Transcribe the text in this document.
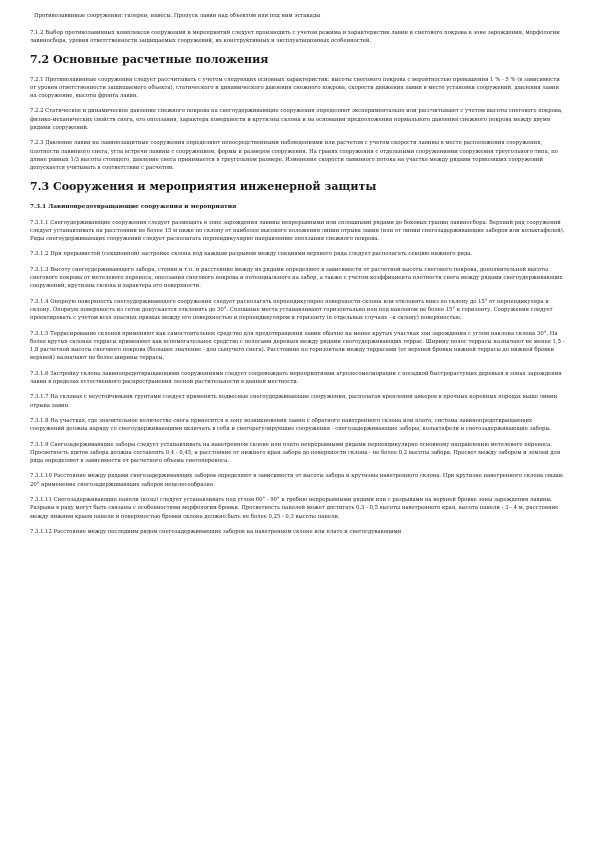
Противолавинные сооружения: галереи, навесы. Пропуск лавин над объектом или под ним эстакады
7.1.2 Выбор противолавинных комплексов сооружений и мероприятий следует производить с учетом режима и характеристик лавин и снегового покрова в зоне зарождения, морфологии лавиносбора, уровня ответственности защищаемых сооружений, их конструктивных и эксплуатационных особенностей.
7.2 Основные расчетные положения
7.2.1 Противолавинные сооружения следует рассчитывать с учетом следующих основных характеристик: высоты снегового покрова с вероятностью превышения 1 % - 5 % (в зависимости от уровня ответственности защищаемого объекта), статического и динамического давления снежного покрова, скорости движения лавин в месте установки сооружений, давления лавин на сооружение, высоты фронта лавин.
7.2.2 Статическое и динамическое давление снежного покрова на снегоудерживающие сооружения определяют экспериментально или рассчитывают с учетом высоты снегового покрова, физико-механических свойств снега, его оползания, характера поверхности и крутизны склона и на основании предположения нормального давления снежного покрова между двумя рядами сооружений.
7.2.3 Давление лавин на лавинозащитные сооружения определяют непосредственными наблюдениями или расчетом с учетом скорости лавины в месте расположения сооружения, плотности лавинного снега, угла встречи лавины с сооружением, формы и размеров сооружения. На гранях сооружения с отдельными сооружениями сооружения треугольного типа, по длине равных 1/3 высоты стоящего, давление снега принимается в треугольном размере. Изменение скорости лавинного потока на участке между рядами тормозящих сооружений допускается учитывать в соответствии с расчетом.
7.3 Сооружения и мероприятия инженерной защиты
7.3.1 Лавинопредотвращающие сооружения и мероприятия
7.3.1.1 Снегоудерживающие сооружения следует размещать в зоне зарождения лавины непрерывными или сплошными рядами до боковых границ лавиносбора. Верхний ряд сооружений следует устанавливать на расстоянии не более 15 м ниже по склону от наиболее высокого положения линии отрыва лавин (или от линии снегозадерживающих заборов или кольктафелей). Ряды снегоудерживающих сооружений следует располагать перпендикулярно направлению оползания снежного покрова.
7.3.1.2 При прерывистой (секционной) застройке склона под каждым разрывом между секциями верхнего ряда следует располагать секцию нижнего ряда.
7.3.1.3 Высоту снегоудерживающего забора, стенки и т.п. и расстояние между их рядами определяют в зависимости от расчетной высоты снегового покрова, дополнительной высоты снегового покрова от метелевого переноса, оползания снегового покрова и потенциального на забор, а также с учетом коэффициента плотности снега между рядами снегоудерживающих сооружений, крутизны склона и характера его поверхности.
7.3.1.4 Опорную поверхность снегоудерживающего сооружения следует располагать перпендикулярно поверхности склона или отклонять вниз по склону до 15° от перпендикуляра к склону. Опорную поверхность из сеток допускается отклонять до 30°. Сплошные места устанавливают горизонтально или под наклоном не более 15° к горизонту. Сооружения следует проектировать с учетом всех опасных прямых между его поверхностью и перпендикуляром к горизонту (в отдельных случаях - к склону) поверхностью.
7.3.1.5 Террасирование склонов применяют как самостоятельное средство для предотвращения лавин обычно на менее крутых участках зон зарождения с углом наклона склона 30°. На более крутых склонах террасы применяют как вспомогательное средство с полосами деревьев между рядами снегоудерживающих террас. Ширину полос террасы назначают не менее 1,5 - 1,8 расчетной высоты снегового покрова (большее значение - для сыпучего снега). Расстояние по горизонтали между террасами (от верхней бровки нижней террасы до нижней бровки верхней) назначают не более ширины террасы.
7.3.1.6 Застройку склона лавинопредотвращающими сооружениями следует сопровождать мероприятиями агролесомелиорации с посадкой быстрорастущих деревьев в зонах зарождения лавин в пределах естественного распространения лесной растительности в данной местности.
7.3.1.7 На склонах с неустойчивыми грунтами следует применять подвесные снегоудерживающие сооружения, располагая крепления анкеров в прочных коренных породах выше линии отрыва лавин.
7.3.1.8 На участках, где значительное количество снега приносится в зону возникновения лавин с обратного наветренного склона или плато, система лавинопредотвращающих сооружений должна наряду со снегоудерживающими включать в себя и снегорегулирующие сооружения - снегозадерживающие заборы, кольктафели и снегозадерживающие заборы.
7.3.1.9 Снегозадерживающие заборы следует устанавливать на наветренном склоне или плато непрерывными рядами перпендикулярно основному направлению метелевого переноса. Просветность щитов забора должна составлять 0,4 - 0,45, а расстояние от нижнего края забора до поверхности склона - не более 0,2 высоты забора. Просвет между забором и землей для ряда определяют в зависимости от расчетного объема снегопереноса.
7.3.1.10 Расстояние между рядами снегозадерживающих заборов определяют в зависимости от высоты забора и крутизны наветренного склона. При крутизне наветренного склона свыше 20° применение снегозадерживающих заборов нецелесообразно.
7.3.1.11 Снегозадерживающие панели (козы) следует устанавливать под углом 60° - 90° к гребню непрерывными рядами или с разрывами на верхней бровке зоны зарождения лавины. Разрывы в ряду могут быть связаны с особенностями морфологии бровки. Просветность панелей может достигать 0,3 - 0,5 высоты наветренного края, высота панели - 3 - 4 м, расстояние между нижним краем панели и поверхностью бровки склона должно быть не более 0,25 - 0,3 высоты панели.
7.3.1.12 Расстояние между последним рядом снегозадерживающих заборов на наветренном склоне или плато и снегосдувающими
